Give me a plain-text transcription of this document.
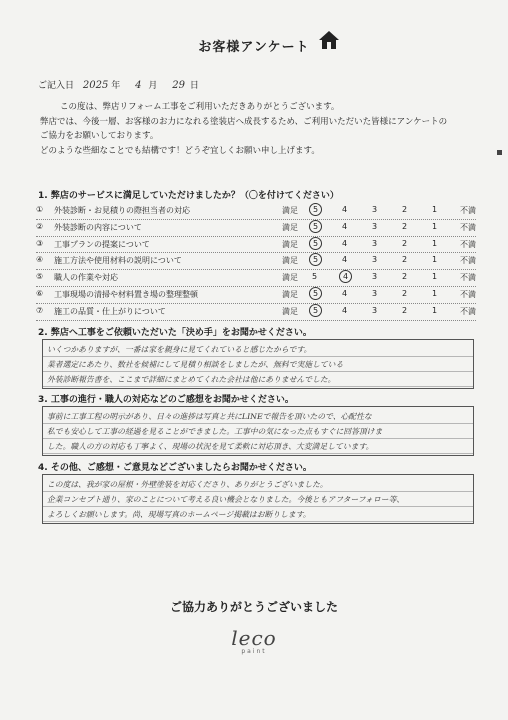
お客様アンケート
ご記入日 2025 年 4 月 29 日

この度は、弊店リフォーム工事をご利用いただきありがとうございます。

弊店では、今後一層、お客様のお力になれる塗装店へ成長するため、ご利用いただいた皆様にアンケートの

ご協力をお願いしております。

どのような些細なことでも結構です！どうぞ宜しくお願い申し上げます。

1. 弊店のサービスに満足していただけましたか？（〇を付けてください）
①	外装診断・お見積りの際担当者の対応	満足	5	4	3	2	1	不満
②	外装診断の内容について	満足	5	4	3	2	1	不満
③	工事プランの提案について	満足	5	4	3	2	1	不満
④	施工方法や使用材料の説明について	満足	5	4	3	2	1	不満
⑤	職人の作業や対応	満足 5	4	3	2	1	不満
⑥	工事現場の清掃や材料置き場の整理整頓	満足	5	4	3	2	1	不満
⑦	施工の品質・仕上がりについて	満足	5	4	3	2	1	不満
2. 弊店へ工事をご依頼いただいた「決め手」をお聞かせください。

いくつかありますが、一番は家を親身に見てくれていると感じたからです。

業者選定にあたり、数社を候補にして見積り相談をしましたが、無料で実施している

外装診断報告書を、ここまで詳細にまとめてくれた会社は他にありませんでした。

3. 工事の進行・職人の対応などのご感想をお聞かせください。

事前に工事工程の明示があり、日々の進捗は写真と共にLINEで報告を頂いたので、心配性な

私でも安心して工事の経過を見ることができました。工事中の気になった点もすぐに回答頂けま

した。職人の方の対応も丁寧よく、現場の状況を見て柔軟に対応頂き、大変満足しています。

4. その他、ご感想・ご意見などございましたらお聞かせください。

この度は、我が家の屋根・外壁塗装を対応くださり、ありがとうございました。

企業コンセプト通り、家のことについて考える良い機会となりました。今後ともアフターフォロー等、

よろしくお願いします。尚、現場写真のホームページ掲載はお断りします。

ご協力ありがとうございました
leco
paint
